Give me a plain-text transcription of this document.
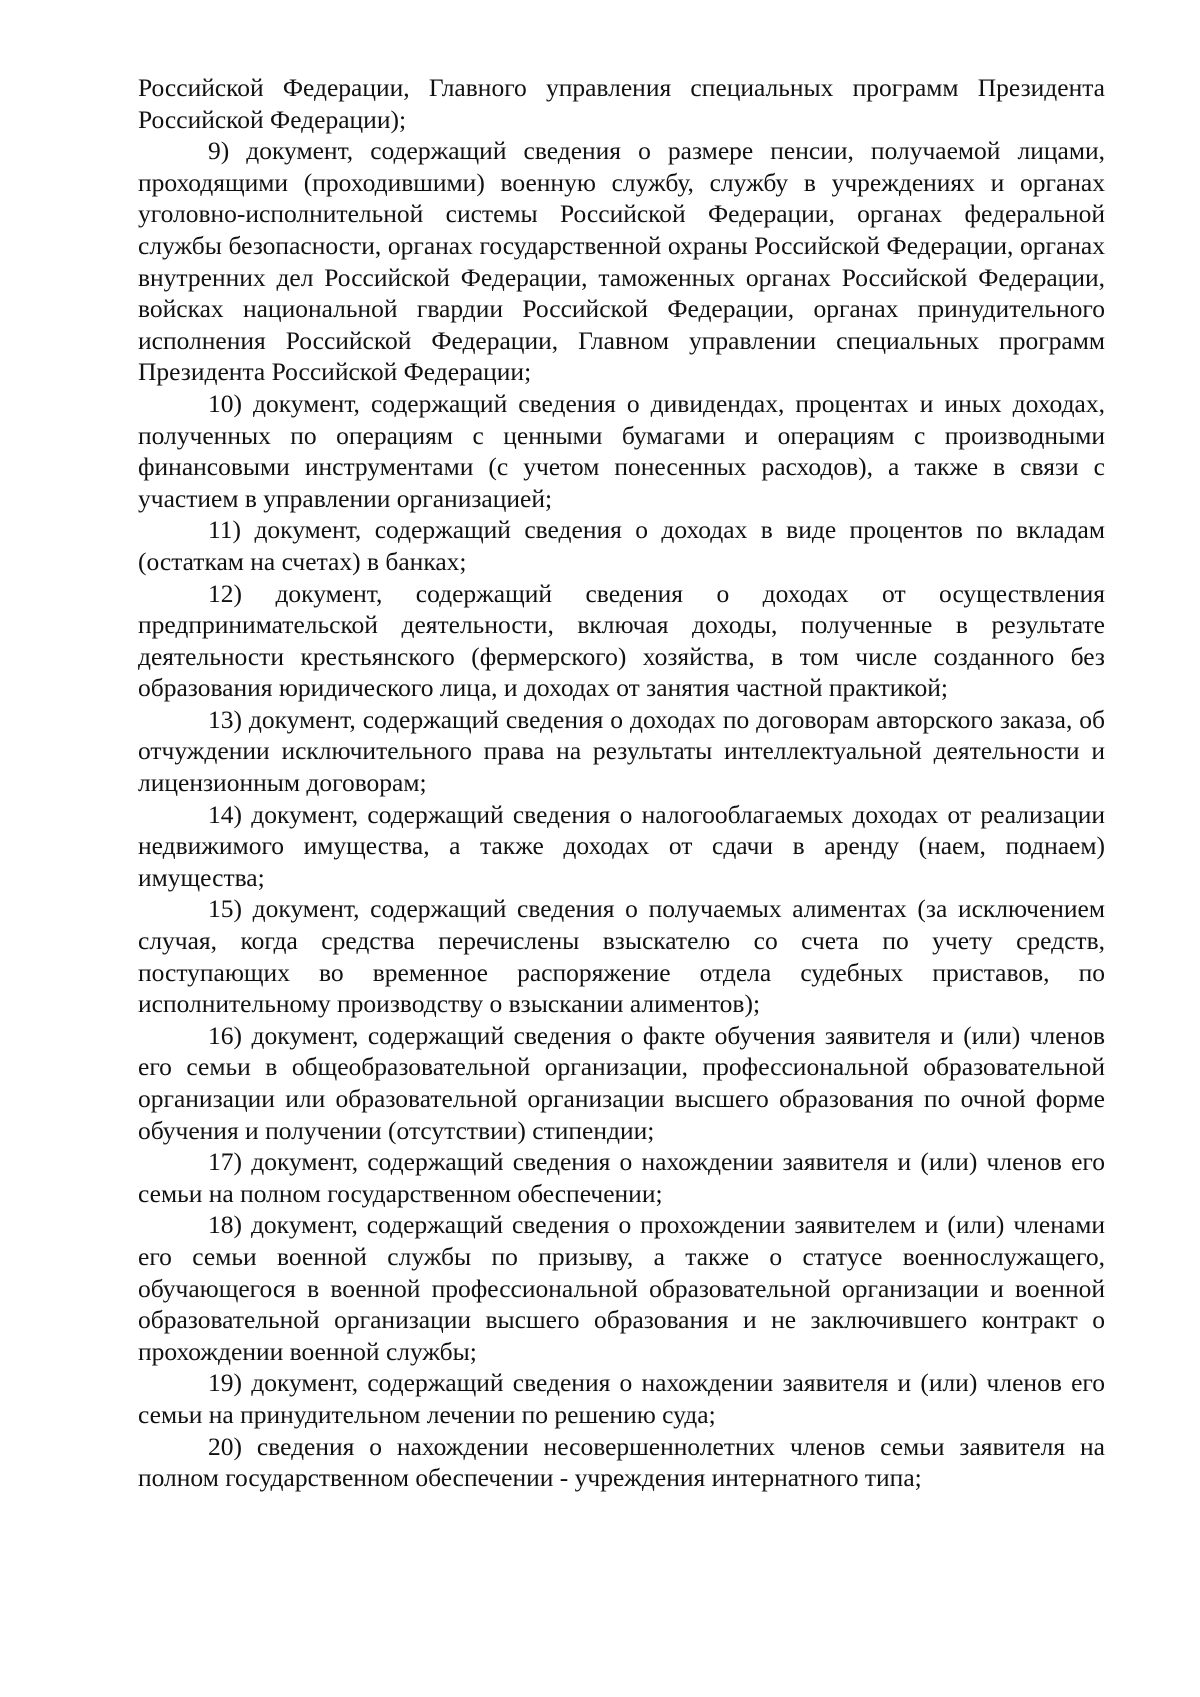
Российской Федерации, Главного управления специальных программ Президента Российской Федерации);

9) документ, содержащий сведения о размере пенсии, получаемой лицами, проходящими (проходившими) военную службу, службу в учреждениях и органах уголовно-исполнительной системы Российской Федерации, органах федеральной службы безопасности, органах государственной охраны Российской Федерации, органах внутренних дел Российской Федерации, таможенных органах Российской Федерации, войсках национальной гвардии Российской Федерации, органах принудительного исполнения Российской Федерации, Главном управлении специальных программ Президента Российской Федерации;

10) документ, содержащий сведения о дивидендах, процентах и иных доходах, полученных по операциям с ценными бумагами и операциям с производными финансовыми инструментами (с учетом понесенных расходов), а также в связи с участием в управлении организацией;

11) документ, содержащий сведения о доходах в виде процентов по вкладам (остаткам на счетах) в банках;

12) документ, содержащий сведения о доходах от осуществления предпринимательской деятельности, включая доходы, полученные в результате деятельности крестьянского (фермерского) хозяйства, в том числе созданного без образования юридического лица, и доходах от занятия частной практикой;

13) документ, содержащий сведения о доходах по договорам авторского заказа, об отчуждении исключительного права на результаты интеллектуальной деятельности и лицензионным договорам;

14) документ, содержащий сведения о налогооблагаемых доходах от реализации недвижимого имущества, а также доходах от сдачи в аренду (наем, поднаем) имущества;

15) документ, содержащий сведения о получаемых алиментах (за исключением случая, когда средства перечислены взыскателю со счета по учету средств, поступающих во временное распоряжение отдела судебных приставов, по исполнительному производству о взыскании алиментов);

16) документ, содержащий сведения о факте обучения заявителя и (или) членов его семьи в общеобразовательной организации, профессиональной образовательной организации или образовательной организации высшего образования по очной форме обучения и получении (отсутствии) стипендии;

17) документ, содержащий сведения о нахождении заявителя и (или) членов его семьи на полном государственном обеспечении;

18) документ, содержащий сведения о прохождении заявителем и (или) членами его семьи военной службы по призыву, а также о статусе военнослужащего, обучающегося в военной профессиональной образовательной организации и военной образовательной организации высшего образования и не заключившего контракт о прохождении военной службы;

19) документ, содержащий сведения о нахождении заявителя и (или) членов его семьи на принудительном лечении по решению суда;

20) сведения о нахождении несовершеннолетних членов семьи заявителя на полном государственном обеспечении - учреждения интернатного типа;
